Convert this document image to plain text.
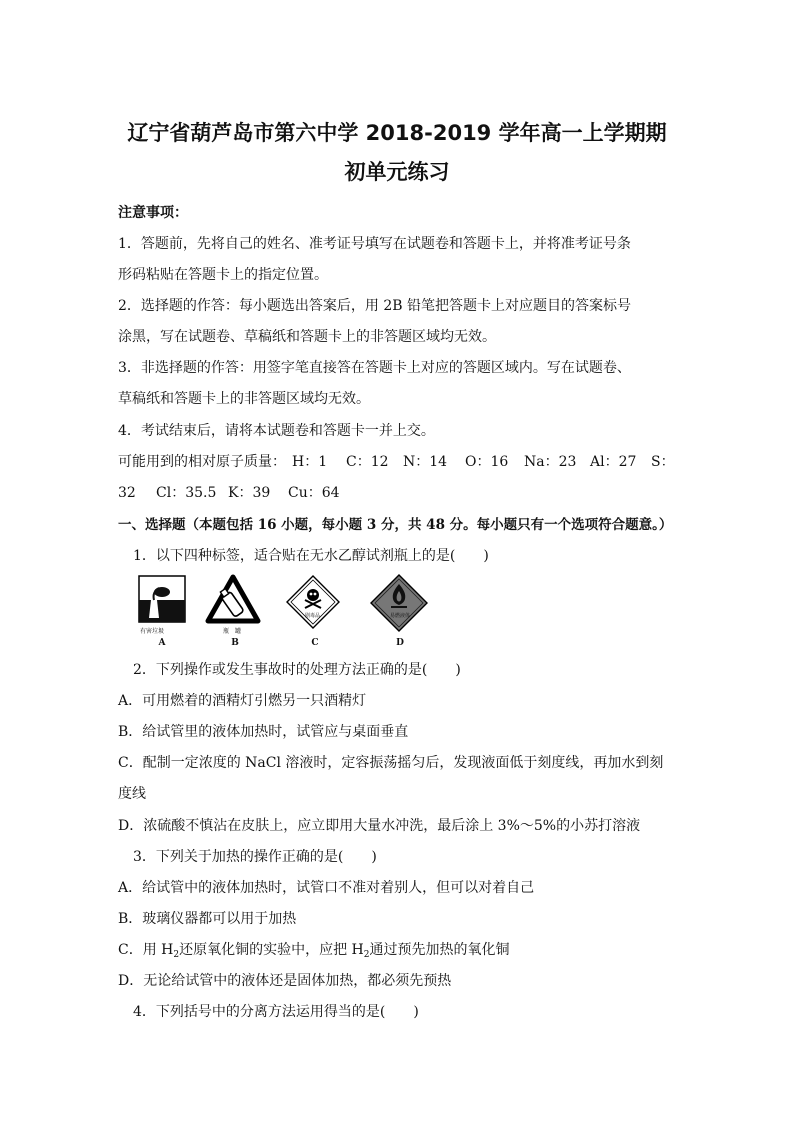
辽宁省葫芦岛市第六中学 2018-2019 学年高一上学期期
初单元练习
注意事项：
1．答题前，先将自己的姓名、准考证号填写在试题卷和答题卡上，并将准考证号条
形码粘贴在答题卡上的指定位置。
2．选择题的作答：每小题选出答案后，用 2B 铅笔把答题卡上对应题目的答案标号
涂黑，写在试题卷、草稿纸和答题卡上的非答题区域均无效。
3．非选择题的作答：用签字笔直接答在答题卡上对应的答题区域内。写在试题卷、
草稿纸和答题卡上的非答题区域均无效。
4．考试结束后，请将本试题卷和答题卡一并上交。
可能用到的相对原子质量： H：1 C：12 N：14 O：16 Na：23 Al：27 S：
32 Cl：35.5 K：39 Cu：64
一、选择题（本题包括 16 小题，每小题 3 分，共 48 分。每小题只有一个选项符合题意。）
1．以下四种标签，适合贴在无水乙醇试剂瓶上的是(　　)
有害垃圾
A
瓶　罐
B
剧毒品
C
易燃液体
D
2．下列操作或发生事故时的处理方法正确的是(　　)
A．可用燃着的酒精灯引燃另一只酒精灯
B．给试管里的液体加热时，试管应与桌面垂直
C．配制一定浓度的 NaCl 溶液时，定容振荡摇匀后，发现液面低于刻度线，再加水到刻
度线
D．浓硫酸不慎沾在皮肤上，应立即用大量水冲洗，最后涂上 3%～5%的小苏打溶液
3．下列关于加热的操作正确的是(　　)
A．给试管中的液体加热时，试管口不准对着别人，但可以对着自己
B．玻璃仪器都可以用于加热
C．用 $H_2$还原氧化铜的实验中，应把 $H_2$通过预先加热的氧化铜
D．无论给试管中的液体还是固体加热，都必须先预热
4．下列括号中的分离方法运用得当的是(　　)
